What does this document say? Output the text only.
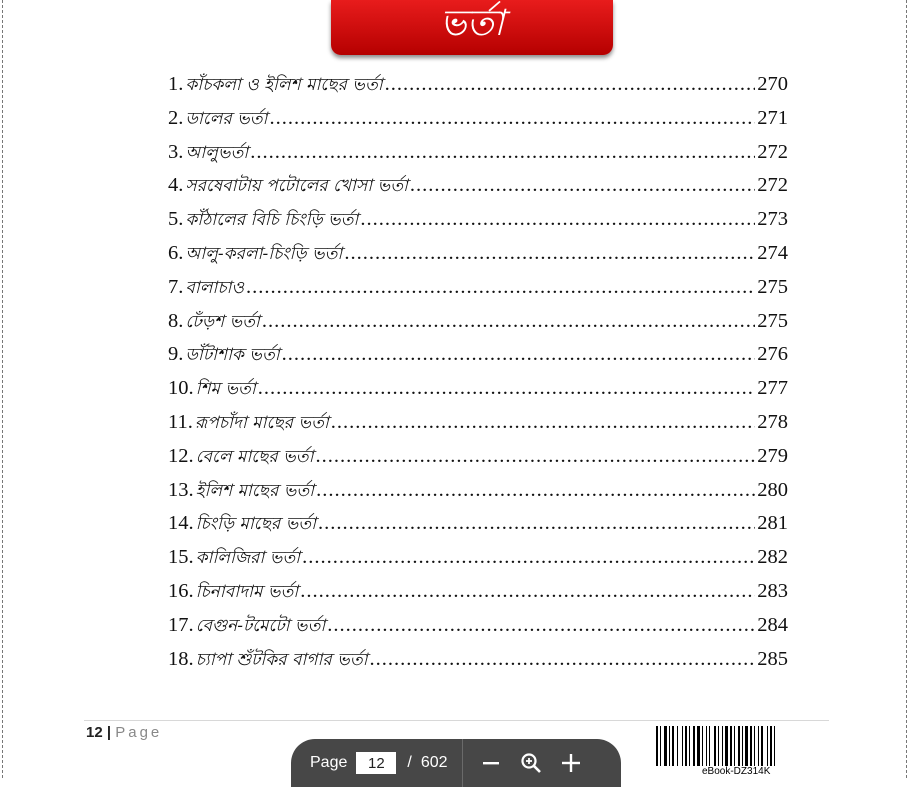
ভর্তা
1. কাঁচকলা ও ইলিশ মাছের ভর্তা .....	270
2. ডালের ভর্তা .....	271
3. আলুভর্তা .....	272
4. সরষেবাটায় পটোলের খোসা ভর্তা .....	272
5. কাঁঠালের বিচি চিংড়ি ভর্তা .....	273
6. আলু-করলা-চিংড়ি ভর্তা .....	274
7. বালাচাও .....	275
8. ঢেঁড়শ ভর্তা .....	275
9. ডাঁটাশাক ভর্তা .....	276
10. শিম ভর্তা .....	277
11. রূপচাঁদা মাছের ভর্তা .....	278
12. বেলে মাছের ভর্তা .....	279
13. ইলিশ মাছের ভর্তা .....	280
14. চিংড়ি মাছের ভর্তা .....	281
15. কালিজিরা ভর্তা .....	282
16. চিনাবাদাম ভর্তা .....	283
17. বেগুন-টমেটো ভর্তা .....	284
18. চ্যাপা শুঁটকির বাগার ভর্তা .....	285
12 | Page
Page
12	/ 602
eBook-DZ314K
